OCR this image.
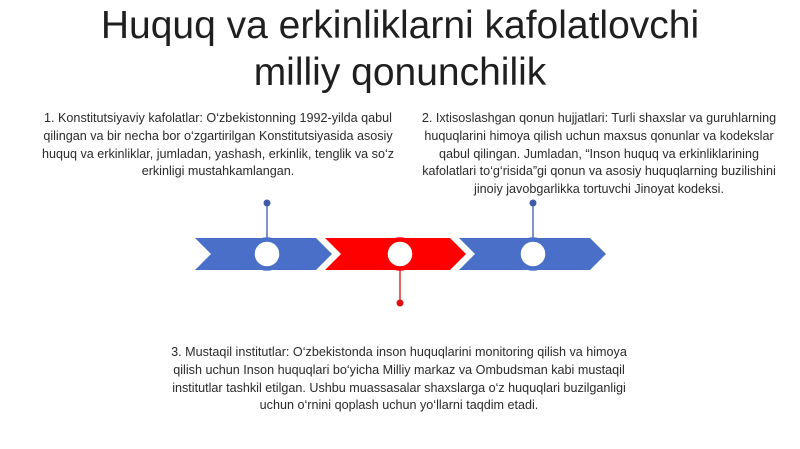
Huquq va erkinliklarni kafolatlovchi
milliy qonunchilik
1. Konstitutsiyaviy kafolatlar: O‘zbekistonning 1992-yilda qabul qilingan va bir necha bor o‘zgartirilgan Konstitutsiyasida asosiy huquq va erkinliklar, jumladan, yashash, erkinlik, tenglik va so‘z erkinligi mustahkamlangan.
2. Ixtisoslashgan qonun hujjatlari: Turli shaxslar va guruhlarning huquqlarini himoya qilish uchun maxsus qonunlar va kodekslar qabul qilingan. Jumladan, “Inson huquq va erkinliklarining kafolatlari to‘g‘risida”gi qonun va asosiy huquqlarning buzilishini jinoiy javobgarlikka tortuvchi Jinoyat kodeksi.
3. Mustaqil institutlar: O‘zbekistonda inson huquqlarini monitoring qilish va himoya qilish uchun Inson huquqlari bo‘yicha Milliy markaz va Ombudsman kabi mustaqil institutlar tashkil etilgan. Ushbu muassasalar shaxslarga o‘z huquqlari buzilganligi uchun o‘rnini qoplash uchun yo‘llarni taqdim etadi.
